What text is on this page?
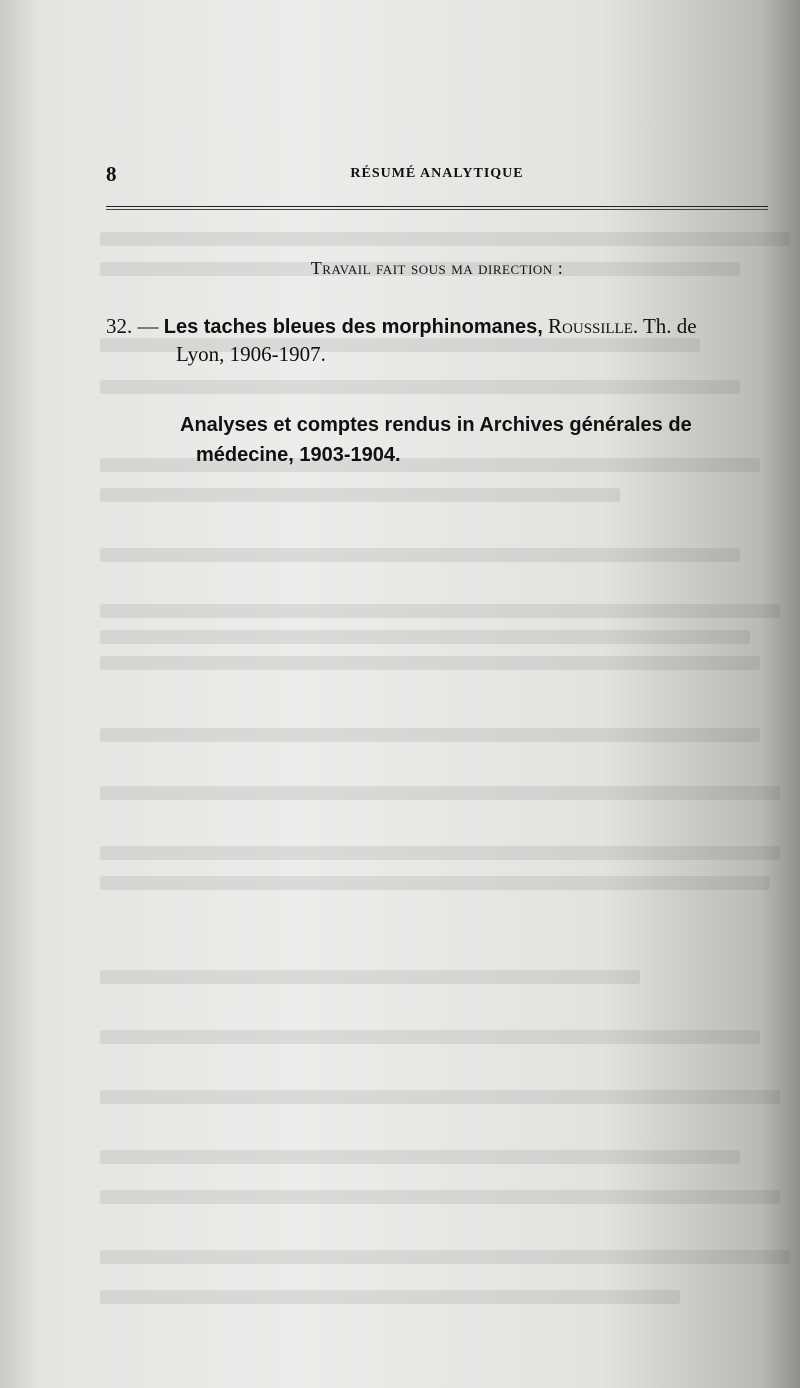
8	RÉSUMÉ ANALYTIQUE
Travail fait sous ma direction :
32. — Les taches bleues des morphinomanes, Roussille. Th. de
Lyon, 1906-1907.
Analyses et comptes rendus in Archives générales de
médecine, 1903-1904.
